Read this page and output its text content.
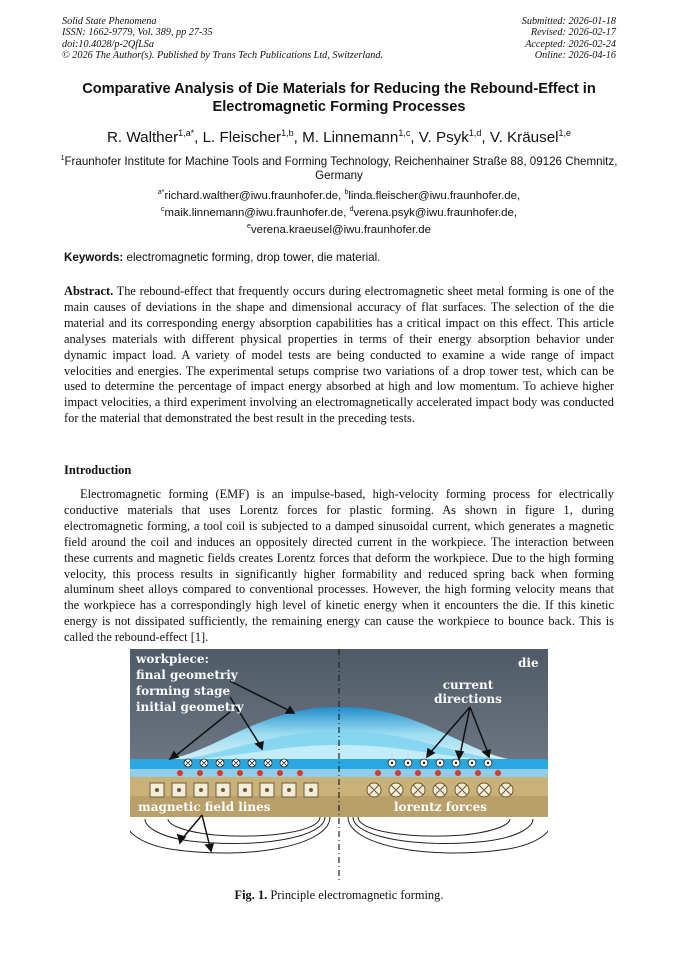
Solid State Phenomena
ISSN: 1662-9779, Vol. 389, pp 27-35
doi:10.4028/p-2QfLSa
© 2026 The Author(s). Published by Trans Tech Publications Ltd, Switzerland.
Submitted: 2026-01-18
Revised: 2026-02-17
Accepted: 2026-02-24
Online: 2026-04-16
Comparative Analysis of Die Materials for Reducing the Rebound-Effect in Electromagnetic Forming Processes
R. Walther$^{1,a*}$, L. Fleischer$^{1,b}$, M. Linnemann$^{1,c}$, V. Psyk$^{1,d}$, V. Kräusel$^{1,e}$
$^1$Fraunhofer Institute for Machine Tools and Forming Technology, Reichenhainer Straße 88, 09126 Chemnitz, Germany
$^{a*}$richard.walther@iwu.fraunhofer.de, $^b$linda.fleischer@iwu.fraunhofer.de,
$^c$maik.linnemann@iwu.fraunhofer.de, $^d$verena.psyk@iwu.fraunhofer.de,
$^e$verena.kraeusel@iwu.fraunhofer.de
Keywords: electromagnetic forming, drop tower, die material.

Abstract. The rebound-effect that frequently occurs during electromagnetic sheet metal forming is one of the main causes of deviations in the shape and dimensional accuracy of flat surfaces. The selection of the die material and its corresponding energy absorption capabilities has a critical impact on this effect. This article analyses materials with different physical properties in terms of their energy absorption behavior under dynamic impact load. A variety of model tests are being conducted to examine a wide range of impact velocities and energies. The experimental setups comprise two variations of a drop tower test, which can be used to determine the percentage of impact energy absorbed at high and low momentum. To achieve higher impact velocities, a third experiment involving an electromagnetically accelerated impact body was conducted for the material that demonstrated the best result in the preceding tests.

Introduction

Electromagnetic forming (EMF) is an impulse-based, high-velocity forming process for electrically conductive materials that uses Lorentz forces for plastic forming. As shown in figure 1, during electromagnetic forming, a tool coil is subjected to a damped sinusoidal current, which generates a magnetic field around the coil and induces an oppositely directed current in the workpiece. The interaction between these currents and magnetic fields creates Lorentz forces that deform the workpiece. Due to the high forming velocity, this process results in significantly higher formability and reduced spring back when forming aluminum sheet alloys compared to conventional processes. However, the high forming velocity means that the workpiece has a correspondingly high level of kinetic energy when it encounters the die. If this kinetic energy is not dissipated sufficiently, the remaining energy can cause the workpiece to bounce back. This is called the rebound-effect [1].

workpiece:
final geometriy
forming stage
initial geometry
die
current
directions
magnetic field lines	lorentz forces
Fig. 1. Principle electromagnetic forming.
